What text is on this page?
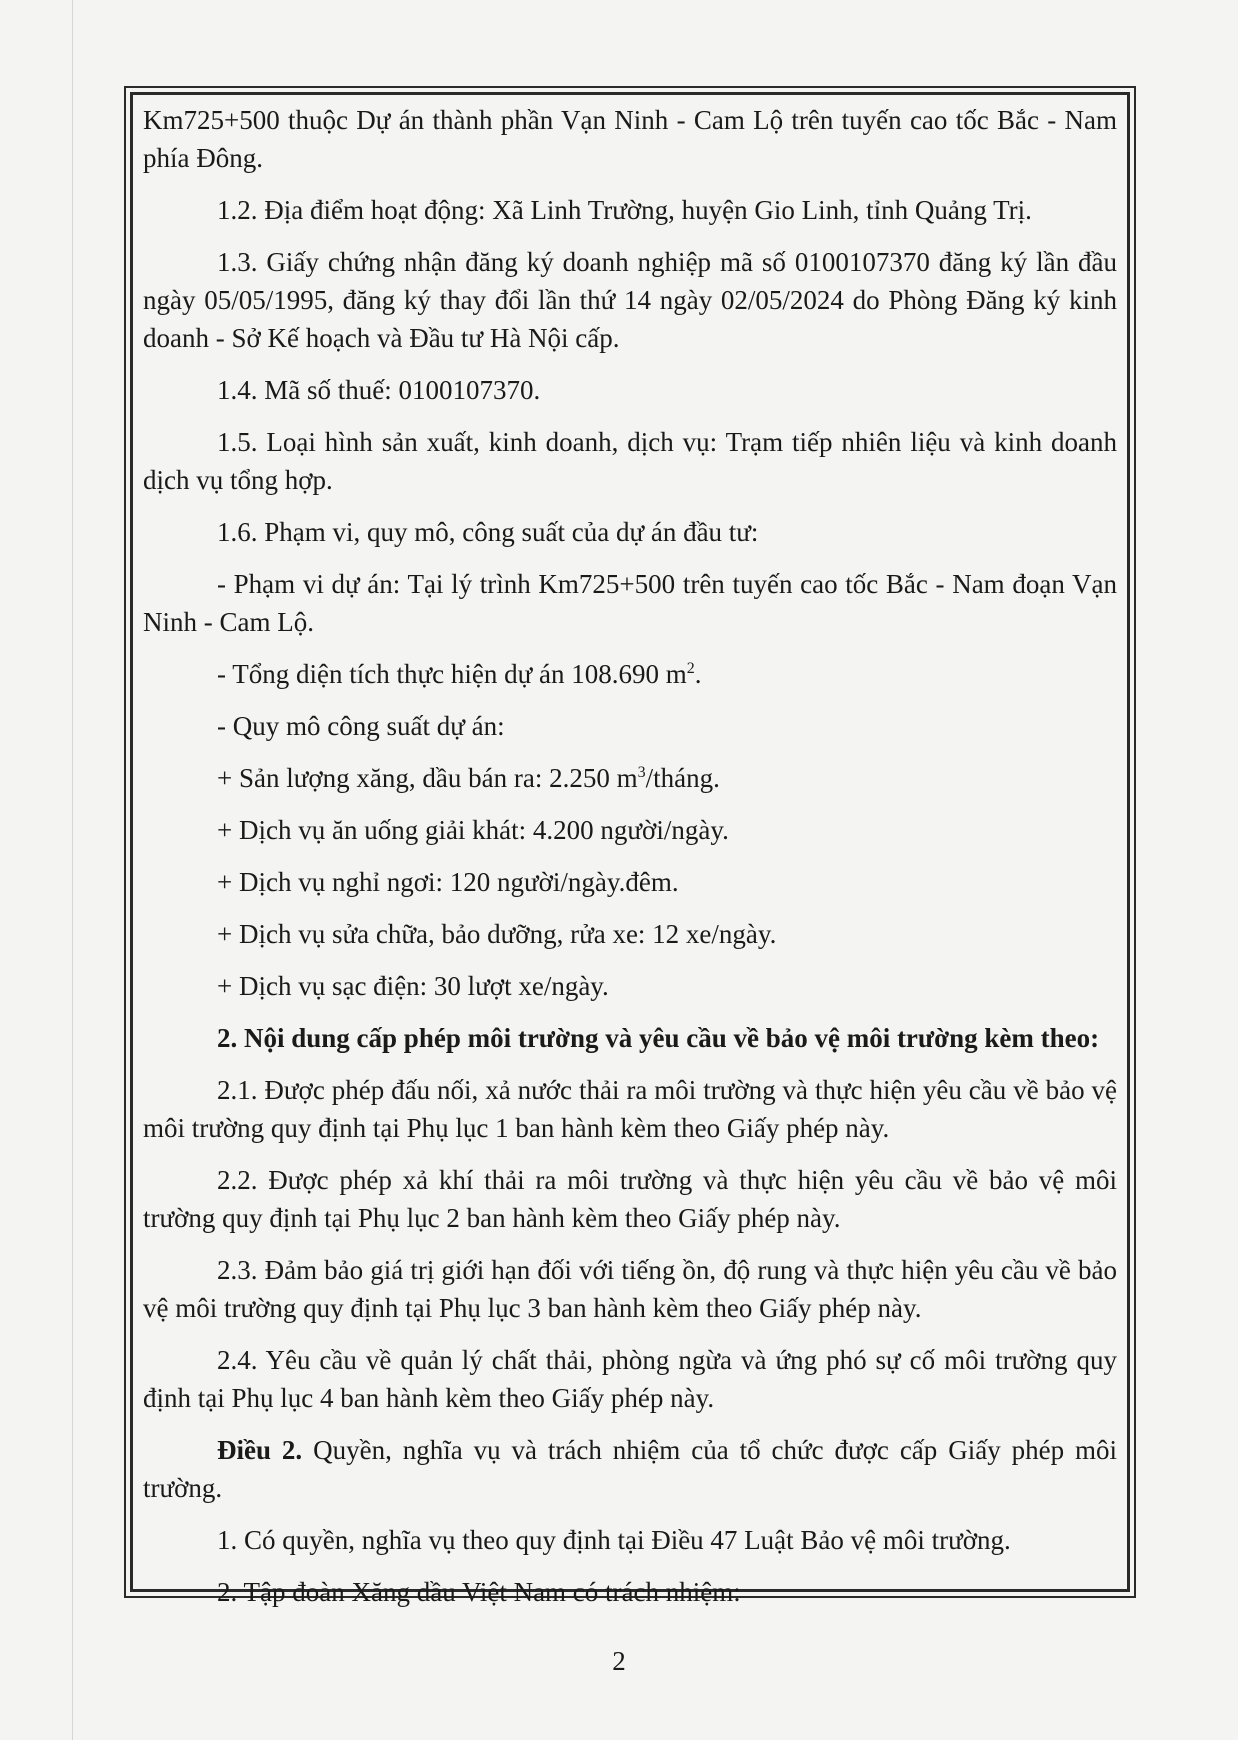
Km725+500 thuộc Dự án thành phần Vạn Ninh - Cam Lộ trên tuyến cao tốc Bắc - Nam phía Đông.

1.2. Địa điểm hoạt động: Xã Linh Trường, huyện Gio Linh, tỉnh Quảng Trị.

1.3. Giấy chứng nhận đăng ký doanh nghiệp mã số 0100107370 đăng ký lần đầu ngày 05/05/1995, đăng ký thay đổi lần thứ 14 ngày 02/05/2024 do Phòng Đăng ký kinh doanh - Sở Kế hoạch và Đầu tư Hà Nội cấp.

1.4. Mã số thuế: 0100107370.

1.5. Loại hình sản xuất, kinh doanh, dịch vụ: Trạm tiếp nhiên liệu và kinh doanh dịch vụ tổng hợp.

1.6. Phạm vi, quy mô, công suất của dự án đầu tư:

- Phạm vi dự án: Tại lý trình Km725+500 trên tuyến cao tốc Bắc - Nam đoạn Vạn Ninh - Cam Lộ.

- Tổng diện tích thực hiện dự án 108.690 $m^2$.

- Quy mô công suất dự án:

+ Sản lượng xăng, dầu bán ra: 2.250 $m^3$/tháng.

+ Dịch vụ ăn uống giải khát: 4.200 người/ngày.

+ Dịch vụ nghỉ ngơi: 120 người/ngày.đêm.

+ Dịch vụ sửa chữa, bảo dưỡng, rửa xe: 12 xe/ngày.

+ Dịch vụ sạc điện: 30 lượt xe/ngày.

2. Nội dung cấp phép môi trường và yêu cầu về bảo vệ môi trường kèm theo:

2.1. Được phép đấu nối, xả nước thải ra môi trường và thực hiện yêu cầu về bảo vệ môi trường quy định tại Phụ lục 1 ban hành kèm theo Giấy phép này.

2.2. Được phép xả khí thải ra môi trường và thực hiện yêu cầu về bảo vệ môi trường quy định tại Phụ lục 2 ban hành kèm theo Giấy phép này.

2.3. Đảm bảo giá trị giới hạn đối với tiếng ồn, độ rung và thực hiện yêu cầu về bảo vệ môi trường quy định tại Phụ lục 3 ban hành kèm theo Giấy phép này.

2.4. Yêu cầu về quản lý chất thải, phòng ngừa và ứng phó sự cố môi trường quy định tại Phụ lục 4 ban hành kèm theo Giấy phép này.

Điều 2. Quyền, nghĩa vụ và trách nhiệm của tổ chức được cấp Giấy phép môi trường.

1. Có quyền, nghĩa vụ theo quy định tại Điều 47 Luật Bảo vệ môi trường.

2. Tập đoàn Xăng dầu Việt Nam có trách nhiệm:

2
